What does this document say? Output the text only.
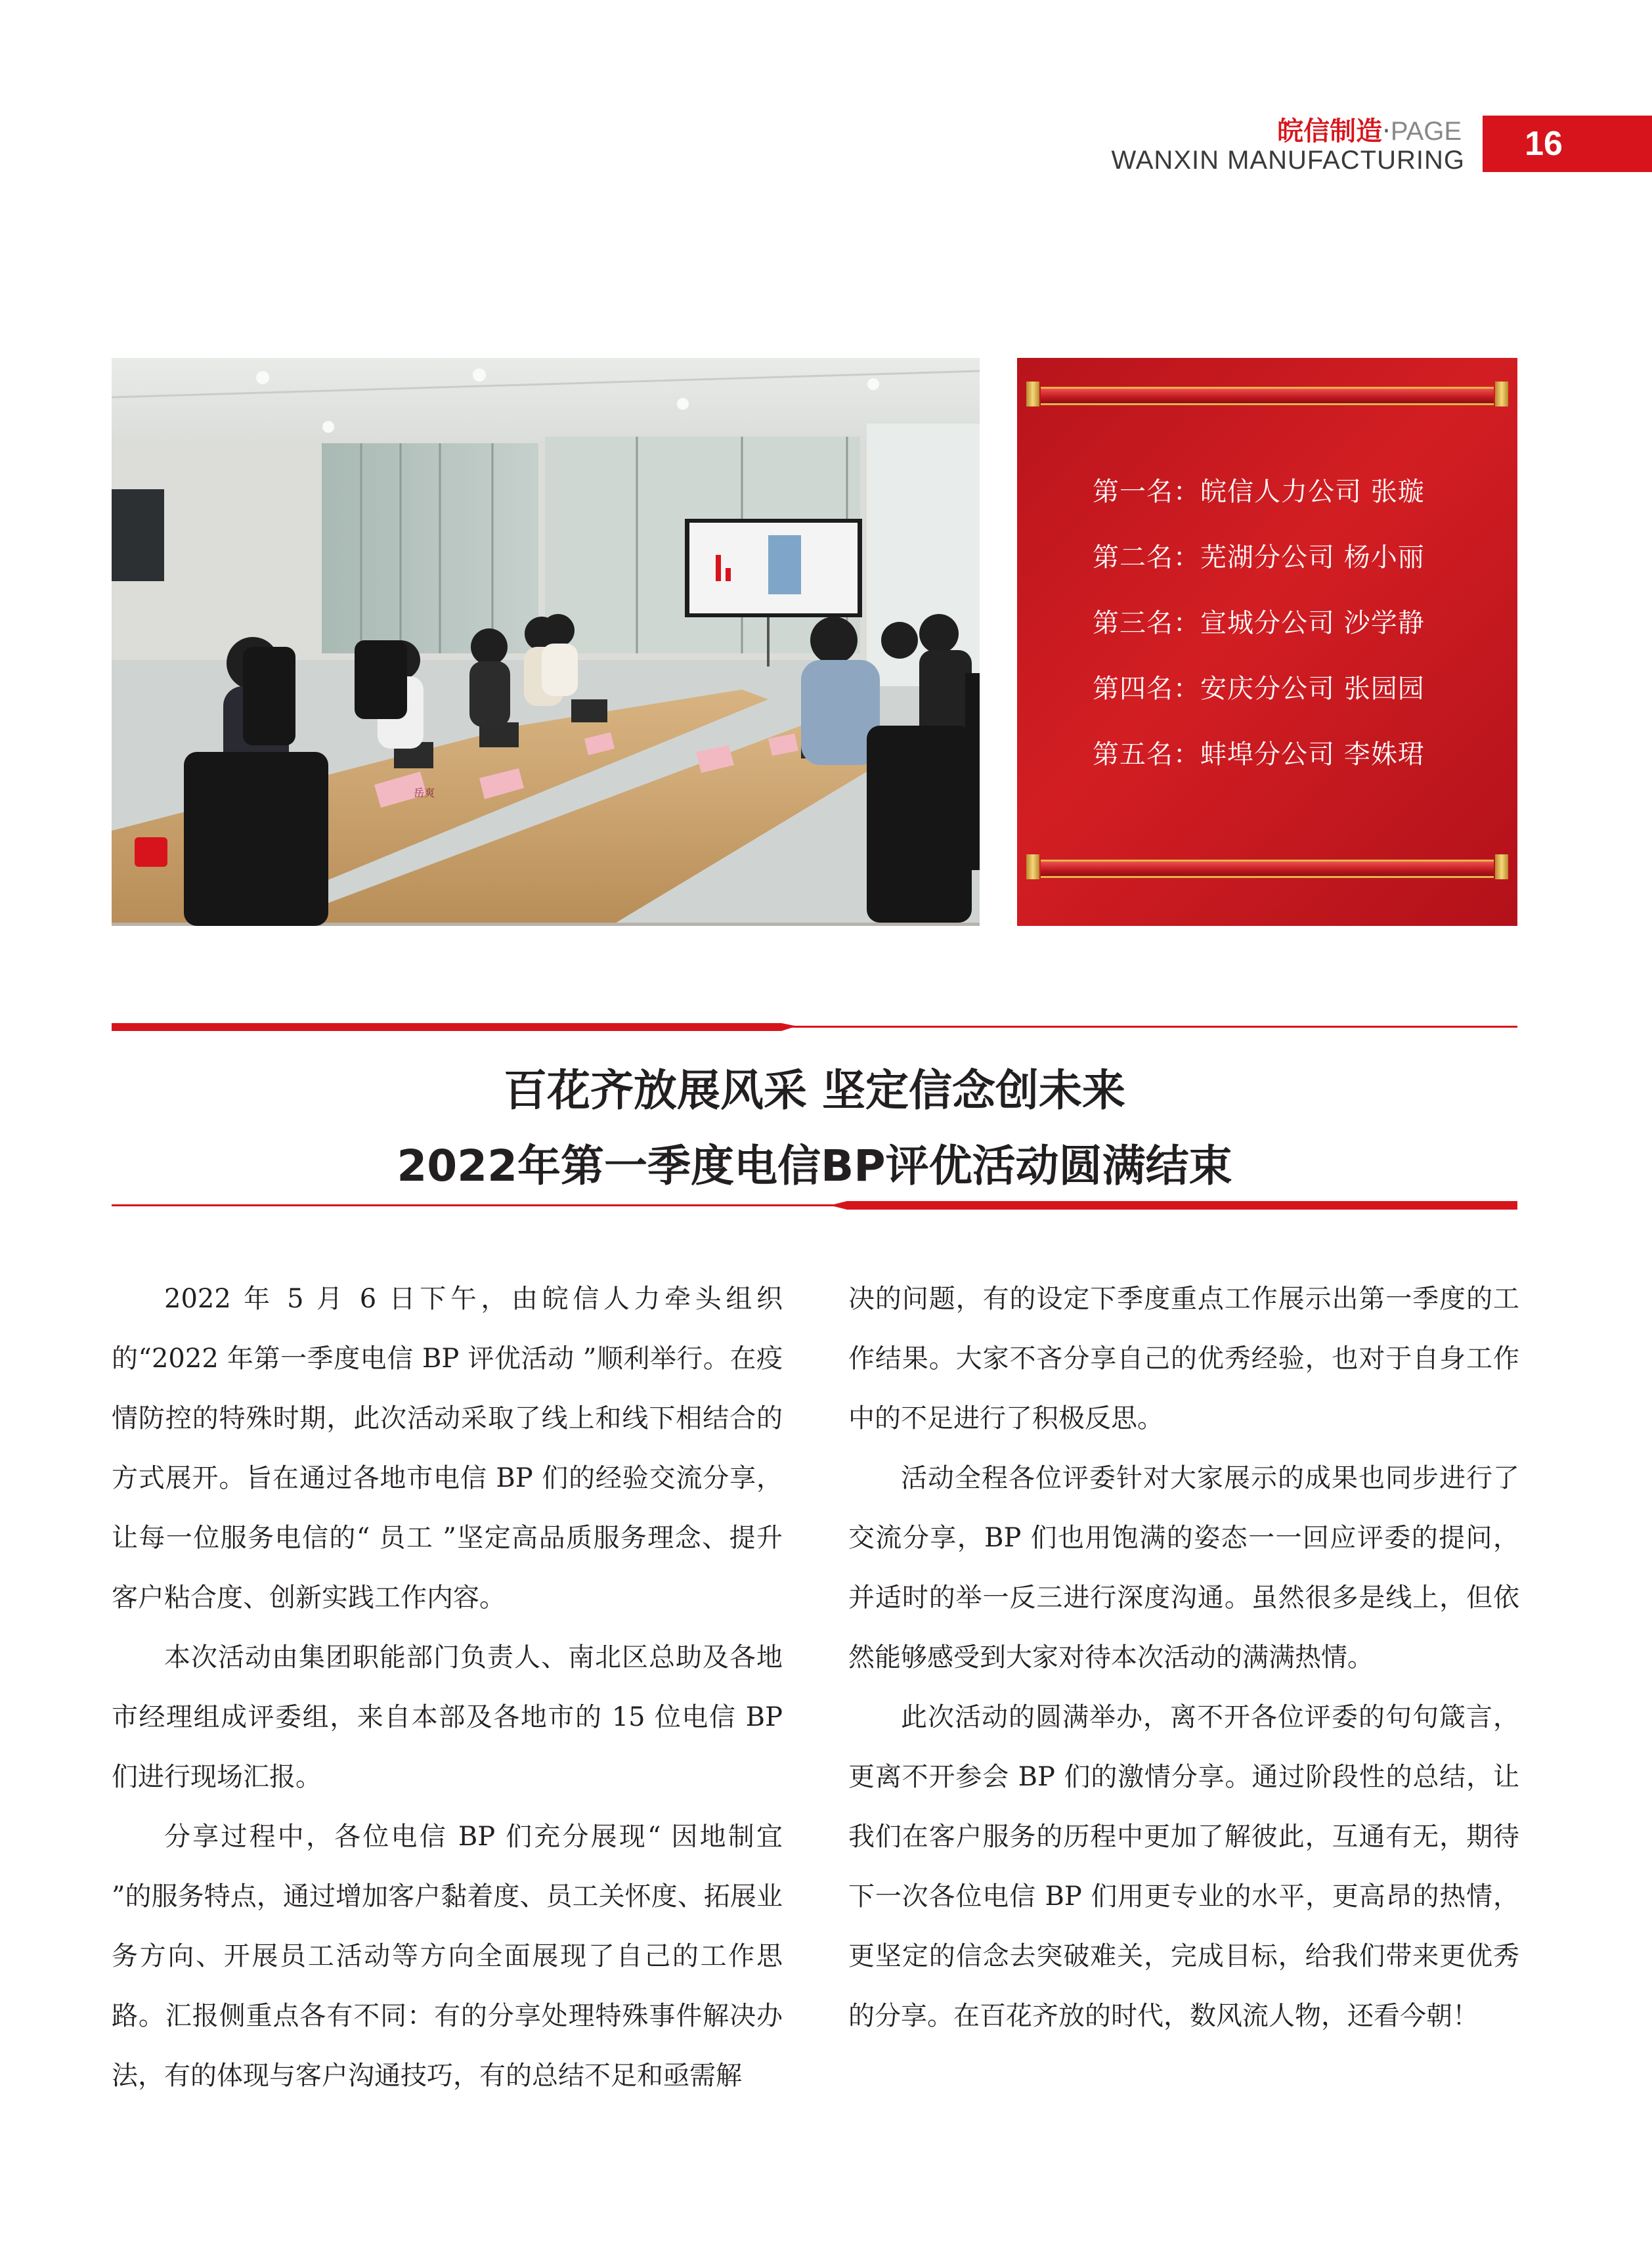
皖信制造·PAGE
WANXIN MANUFACTURING	16
岳爽
第一名：皖信人力公司 张璇
第二名：芜湖分公司 杨小丽
第三名：宣城分公司 沙学静
第四名：安庆分公司 张园园
第五名：蚌埠分公司 李姝珺
百花齐放展风采 坚定信念创未来
2022年第一季度电信BP评优活动圆满结束

2022 年 5 月 6 日下午，由皖信人力牵头组织的“2022 年第一季度电信 BP 评优活动 ”顺利举行。在疫情防控的特殊时期，此次活动采取了线上和线下相结合的方式展开。旨在通过各地市电信 BP 们的经验交流分享，让每一位服务电信的“ 员工 ”坚定高品质服务理念、提升客户粘合度、创新实践工作内容。

本次活动由集团职能部门负责人、南北区总助及各地市经理组成评委组，来自本部及各地市的 15 位电信 BP 们进行现场汇报。

分享过程中，各位电信 BP 们充分展现“ 因地制宜 ”的服务特点，通过增加客户黏着度、员工关怀度、拓展业务方向、开展员工活动等方向全面展现了自己的工作思路。汇报侧重点各有不同：有的分享处理特殊事件解决办法，有的体现与客户沟通技巧，有的总结不足和亟需解

决的问题，有的设定下季度重点工作展示出第一季度的工作结果。大家不吝分享自己的优秀经验，也对于自身工作中的不足进行了积极反思。

活动全程各位评委针对大家展示的成果也同步进行了交流分享，BP 们也用饱满的姿态一一回应评委的提问，并适时的举一反三进行深度沟通。虽然很多是线上，但依然能够感受到大家对待本次活动的满满热情。

此次活动的圆满举办，离不开各位评委的句句箴言，更离不开参会 BP 们的激情分享。通过阶段性的总结，让我们在客户服务的历程中更加了解彼此，互通有无，期待下一次各位电信 BP 们用更专业的水平，更高昂的热情，更坚定的信念去突破难关，完成目标，给我们带来更优秀的分享。在百花齐放的时代，数风流人物，还看今朝！
